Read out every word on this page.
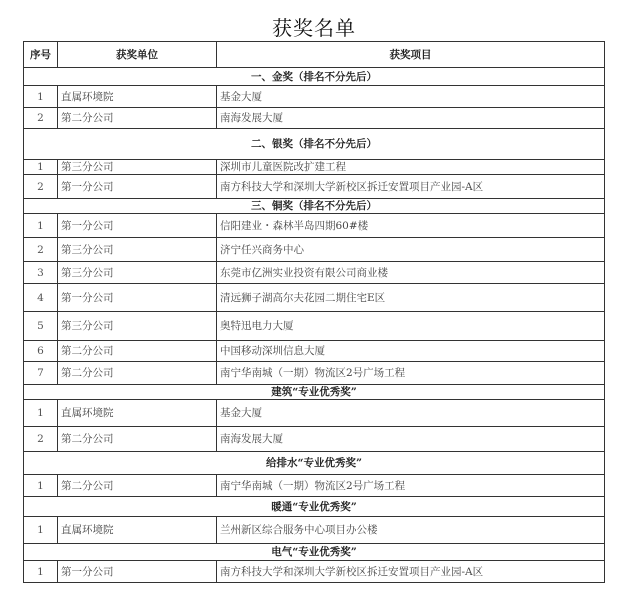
获奖名单
序号	获奖单位	获奖项目
一、金奖（排名不分先后）		
1	直属环境院	基金大厦
2	第二分公司	南海发展大厦
二、银奖（排名不分先后）		
1	第三分公司	深圳市儿童医院改扩建工程
2	第一分公司	南方科技大学和深圳大学新校区拆迁安置项目产业园-A区
三、铜奖（排名不分先后）		
1	第一分公司	信阳建业・森林半岛四期60#楼
2	第三分公司	济宁任兴商务中心
3	第三分公司	东莞市亿洲实业投资有限公司商业楼
4	第一分公司	清远狮子湖高尔夫花园二期住宅E区
5	第三分公司	奥特迅电力大厦
6	第二分公司	中国移动深圳信息大厦
7	第二分公司	南宁华南城（一期）物流区2号广场工程
建筑“专业优秀奖”		
1	直属环境院	基金大厦
2	第二分公司	南海发展大厦
给排水“专业优秀奖”		
1	第二分公司	南宁华南城（一期）物流区2号广场工程
暖通“专业优秀奖”		
1	直属环境院	兰州新区综合服务中心项目办公楼
电气“专业优秀奖”		
1	第一分公司	南方科技大学和深圳大学新校区拆迁安置项目产业园-A区
